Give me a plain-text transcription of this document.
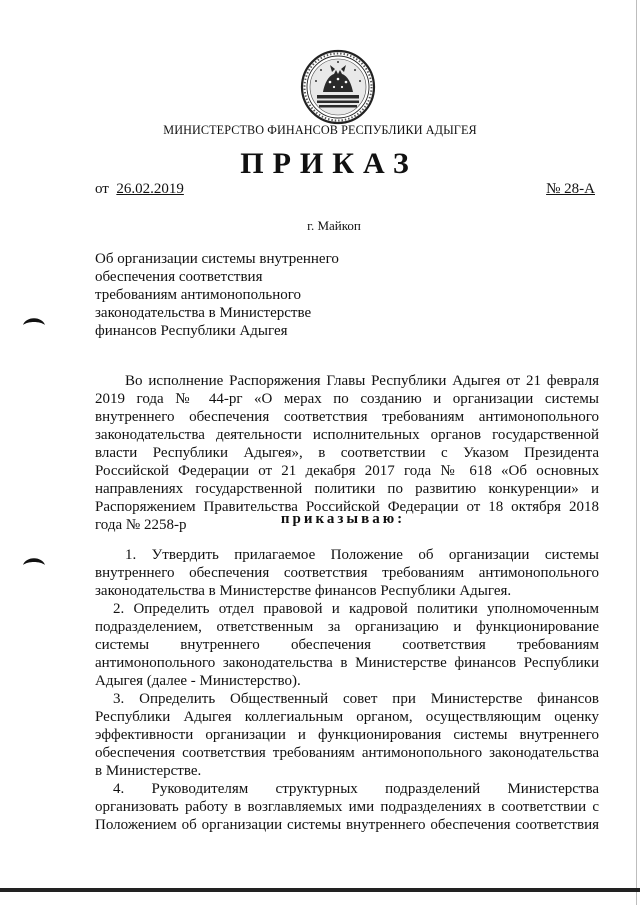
МИНИСТЕРСТВО ФИНАНСОВ РЕСПУБЛИКИ АДЫГЕЯ
ПРИКАЗ
от 26.02.2019	№ 28-А
г. Майкоп
Об организации системы внутреннего
обеспечения соответствия
требованиям антимонопольного
законодательства в Министерстве
финансов Республики Адыгея
Во исполнение Распоряжения Главы Республики Адыгея от 21 февраля
2019 года № 44-рг «О мерах по созданию и организации системы
внутреннего обеспечения соответствия требованиям антимонопольного
законодательства деятельности исполнительных органов государственной
власти Республики Адыгея», в соответствии с Указом Президента
Российской Федерации от 21 декабря 2017 года № 618 «Об основных
направлениях государственной политики по развитию конкуренции» и
Распоряжением Правительства Российской Федерации от 18 октября 2018
года № 2258-р	приказываю:
1. Утвердить прилагаемое Положение об организации системы
внутреннего обеспечения соответствия требованиям антимонопольного
законодательства в Министерстве финансов Республики Адыгея.
2. Определить отдел правовой и кадровой политики уполномоченным
подразделением, ответственным за организацию и функционирование
системы внутреннего обеспечения соответствия требованиям
антимонопольного законодательства в Министерстве финансов Республики
Адыгея (далее - Министерство).
3. Определить Общественный совет при Министерстве финансов
Республики Адыгея коллегиальным органом, осуществляющим оценку
эффективности организации и функционирования системы внутреннего
обеспечения соответствия требованиям антимонопольного законодательства
в Министерстве.
4. Руководителям структурных подразделений Министерства
организовать работу в возглавляемых ими подразделениях в соответствии с
Положением об организации системы внутреннего обеспечения соответствия
